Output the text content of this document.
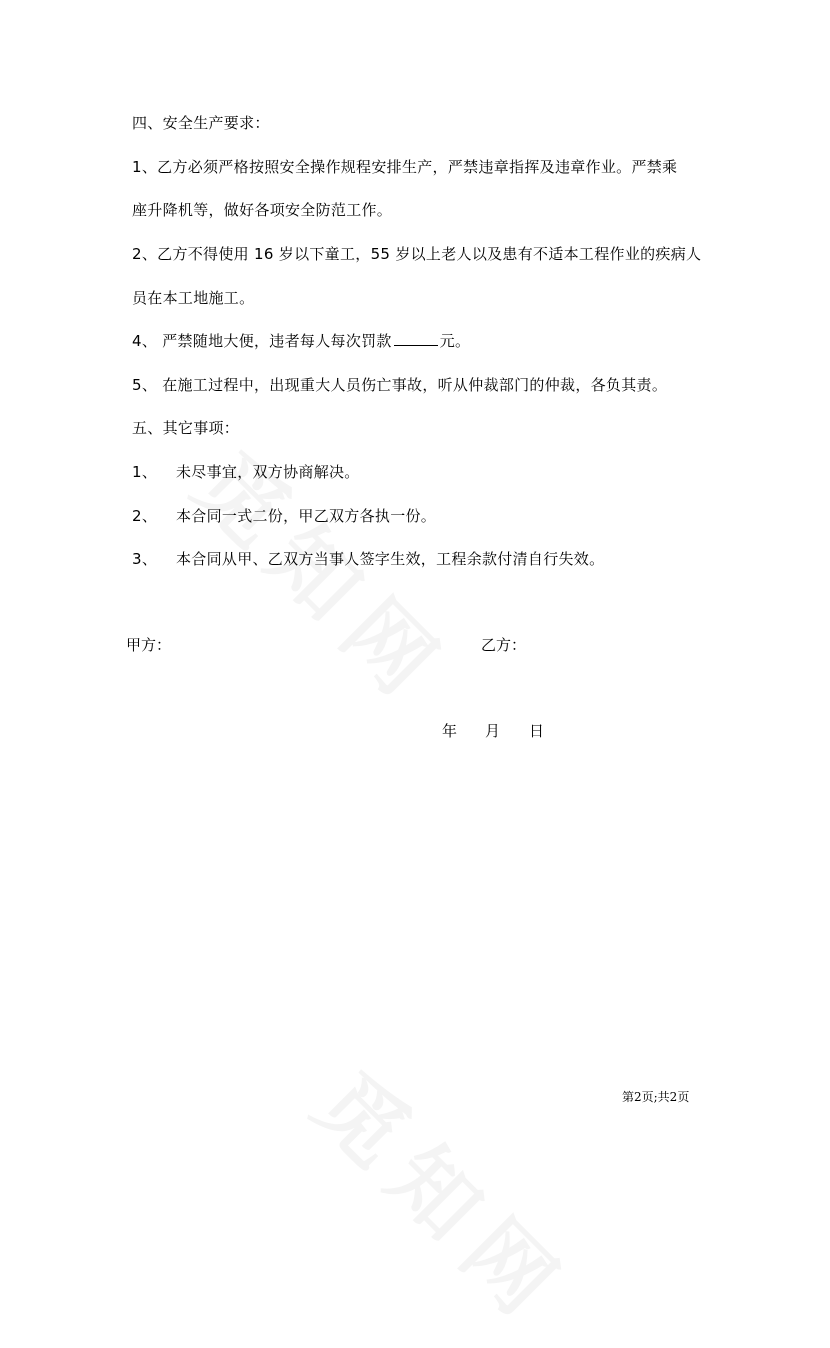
四、安全生产要求：
1、乙方必须严格按照安全操作规程安排生产，严禁违章指挥及违章作业。严禁乘
座升降机等，做好各项安全防范工作。
2、乙方不得使用 16 岁以下童工，55 岁以上老人以及患有不适本工程作业的疾病人
员在本工地施工。
4、 严禁随地大便，违者每人每次罚款	元。
5、 在施工过程中，出现重大人员伤亡事故，听从仲裁部门的仲裁，各负其责。
五、其它事项：
1、 未尽事宜，双方协商解决。
2、 本合同一式二份，甲乙双方各执一份。
3、 本合同从甲、乙双方当事人签字生效，工程余款付清自行失效。
甲方：	乙方：
年 月 日
第2页;共2页
